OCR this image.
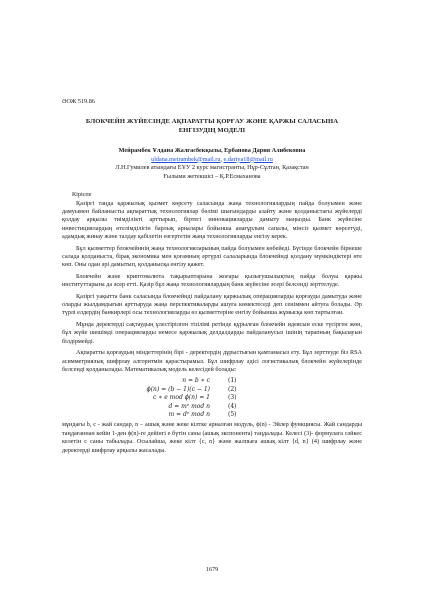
ӘОЖ 519.86
БЛОКЧЕЙН ЖҮЙЕСІНДЕ АҚПАРАТТЫ ҚОРҒАУ ЖӘНЕ ҚАРЖЫ САЛАСЫНА ЕНГІЗУДІҢ МОДЕЛІ
Мейрамбек Ұлдана Жалғасбекқызы, Ербанова Дария Алибековна
uldana.meirambek@mail.ru, e.dariya18@mail.ru
Л.Н.Гумилев атындағы ЕҰУ 2 курс магистранты, Нұр-Сұлтан, Қазақстан
Ғылыми жетекшісі – Қ.Р.Есмаханова
Кіріспе

Қазіргі таңда қаржылық қызмет көрсету саласында жаңа технологиялардың пайда болуымен және дамуымен байланысты ақпараттық технологиялар бөлімі шығындарды азайту және қолданыстағы жүйелерді қолдау арқылы тиімділікті арттырып, біртегі инновацияларды дамыту маңызды. Банк жүйесіне инвестициялардың өтелімділігін барлық арналары бойынша анағұрлым сапалы, мінсіз қызмет көрсетуді, адамдық жинау және талдау қабілетін өзгертетін жаңа технологияларды енгізу керек.

Бұл қызметтер блокчейннің жаңа технологияларының пайда болуымен көбейеді. Бүгінде блокчейн бірнеше салада қолданыста, бірақ экономика мен қоғамның әртүрлі салаларында блокчейнді қолдану мүмкіндіктері өте көп. Оны одан әрі дамытып, қолданысқа енгізу қажет.

Блокчейн және криптовалюта тақырыптарына жоғары қызығушылықтың пайда болуы қаржы институттарына да әсер етті. Қазір бұл жаңа технологиялардың банк жүйесіне әсері белсенді зерттелуде.

Қазіргі уақытта банк саласында блокчейнді пайдалану қаржылық операцияларды қорғауды дамытуда және оларды жылдамдығын арттыруда жаңа перспективаларды ашуға көмектеседі деп сеніммен айтуға болады. Әр түрлі елдердің банкирлері осы технологияларды өз қызметтеріне енгізу бойынша жұмысқа көп тартылған.

Мұнда деректерді сақтаудың ұлестірілген тізілімі ретінде құрылған блокчейн идеясын еске түсірген жөн, бұл жүйе шешімді операцияларды немесе қаржылық делдалдарды пайдаланусыз ішінің тарапның бақылауын білдірмейді.

Ақпаратты қорғаудың міндеттерінің бірі - деректердің дұрыстығын қамтамасыз ету. Бұл зерттеуде біз RSA асимметриялық шифрлау алгоритмін қарастырамыз. Бұл шифрлау әдісі логистикалық блокчейн жүйелерінде белсенді қолданылады. Математикалық модель келесідей болады:

n = b ∗ c	(1)
ϕ(n) = (b − 1)(c − 1)	(2)
c ∗ e mod ϕ(n) = 1	(3)
d = mᵉ mod n	(4)
m = dᵉ mod n	(5)

мұндағы b, c - жай сандар, n – ашық және жеке кілтке арналған модуль, ϕ(n) - Эйлер функциясы. Жай сандарды таңдағаннан кейін 1-ден ϕ(n)-ге дейінгі е бүтін саны (ашық экспонента) таңдалады. Келесі (3)- формулага сәйкес келетін с саны табылады. Осылайша, жеке кілт {c, n} және жалпыға ашық кілт {d, n} (4) шифрлау және деректерді шифрлау арқылы жасалады.

1679
